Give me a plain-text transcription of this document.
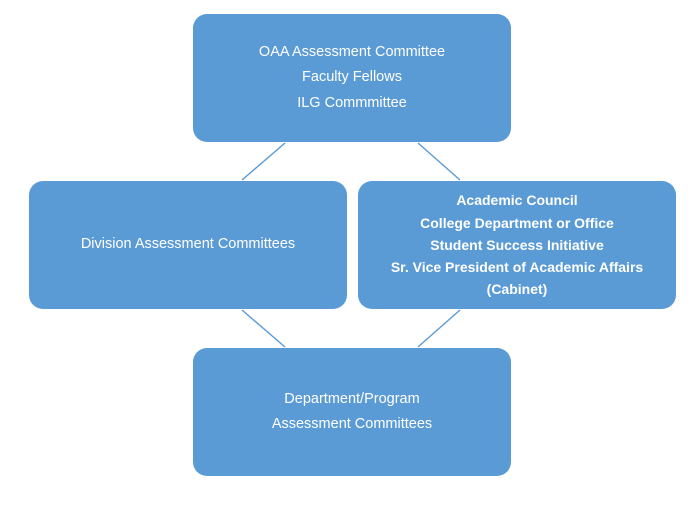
OAA Assessment Committee
Faculty Fellows
ILG Commmittee
Division Assessment Committees
Academic Council
College Department or Office
Student Success Initiative
Sr. Vice President of Academic Affairs
(Cabinet)
Department/Program
Assessment Committees
